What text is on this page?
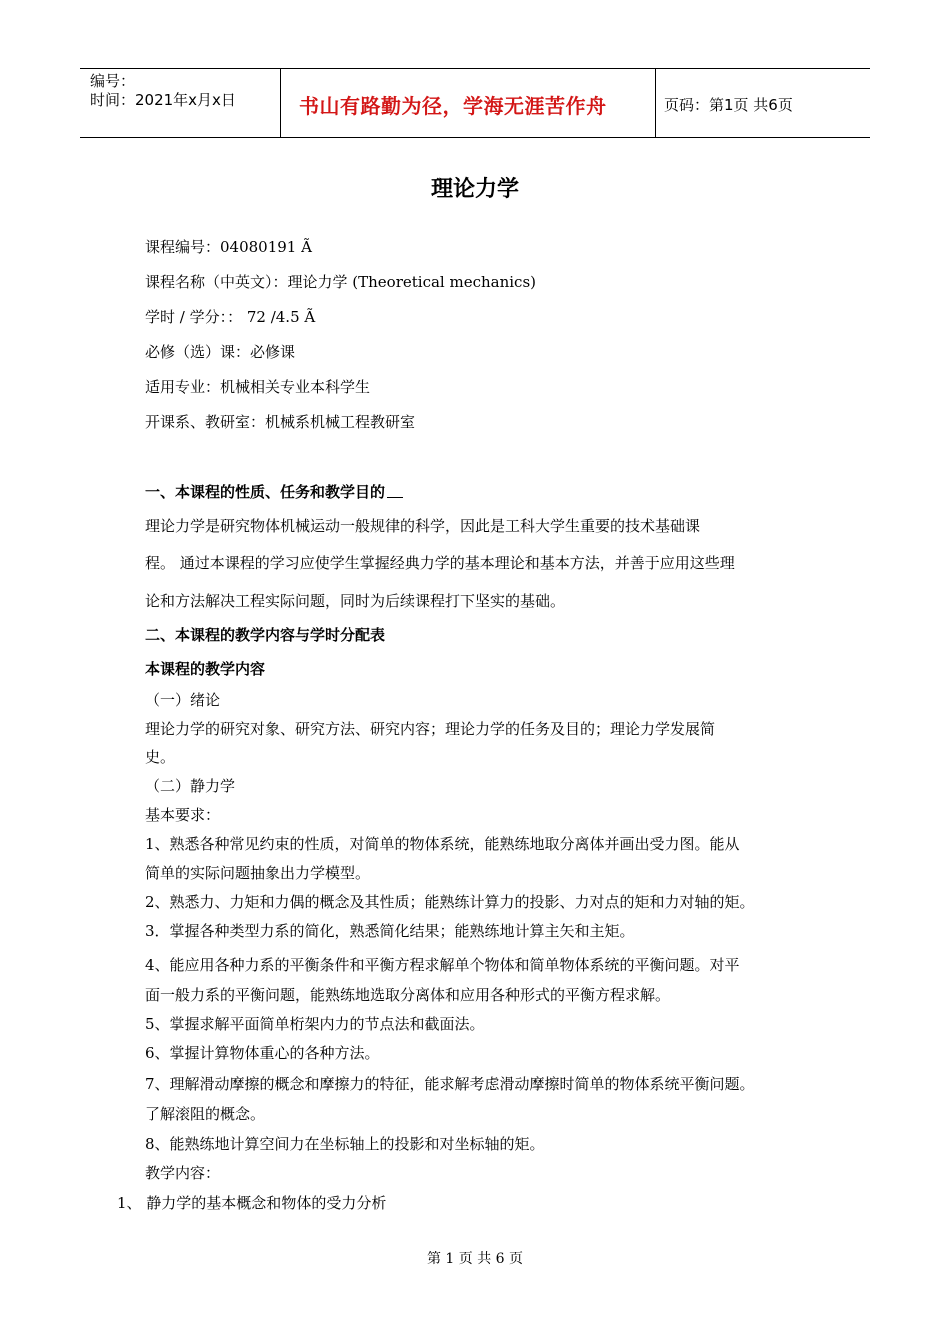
编号：
时间：2021年x月x日	书山有路勤为径，学海无涯苦作舟	页码：第1页 共6页
理论力学
课程编号：04080191 Ã
课程名称（中英文）：理论力学 (Theoretical mechanics)
学时 / 学分：： 72 /4.5 Ã
必修（选）课：必修课
适用专业：机械相关专业本科学生
开课系、教研室：机械系机械工程教研室
一、本课程的性质、任务和教学目的
理论力学是研究物体机械运动一般规律的科学，因此是工科大学生重要的技术基础课
程。 通过本课程的学习应使学生掌握经典力学的基本理论和基本方法，并善于应用这些理
论和方法解决工程实际问题，同时为后续课程打下坚实的基础。
二、本课程的教学内容与学时分配表
本课程的教学内容
（一）绪论
理论力学的研究对象、研究方法、研究内容；理论力学的任务及目的；理论力学发展简
史。
（二）静力学
基本要求：
1、熟悉各种常见约束的性质，对简单的物体系统，能熟练地取分离体并画出受力图。能从
简单的实际问题抽象出力学模型。
2、熟悉力、力矩和力偶的概念及其性质；能熟练计算力的投影、力对点的矩和力对轴的矩。
3．掌握各种类型力系的简化，熟悉简化结果；能熟练地计算主矢和主矩。
4、能应用各种力系的平衡条件和平衡方程求解单个物体和简单物体系统的平衡问题。对平
面一般力系的平衡问题，能熟练地选取分离体和应用各种形式的平衡方程求解。
5、掌握求解平面简单桁架内力的节点法和截面法。
6、掌握计算物体重心的各种方法。
7、理解滑动摩擦的概念和摩擦力的特征，能求解考虑滑动摩擦时简单的物体系统平衡问题。
了解滚阻的概念。
8、能熟练地计算空间力在坐标轴上的投影和对坐标轴的矩。
教学内容：
1、 静力学的基本概念和物体的受力分析
第 1 页 共 6 页
